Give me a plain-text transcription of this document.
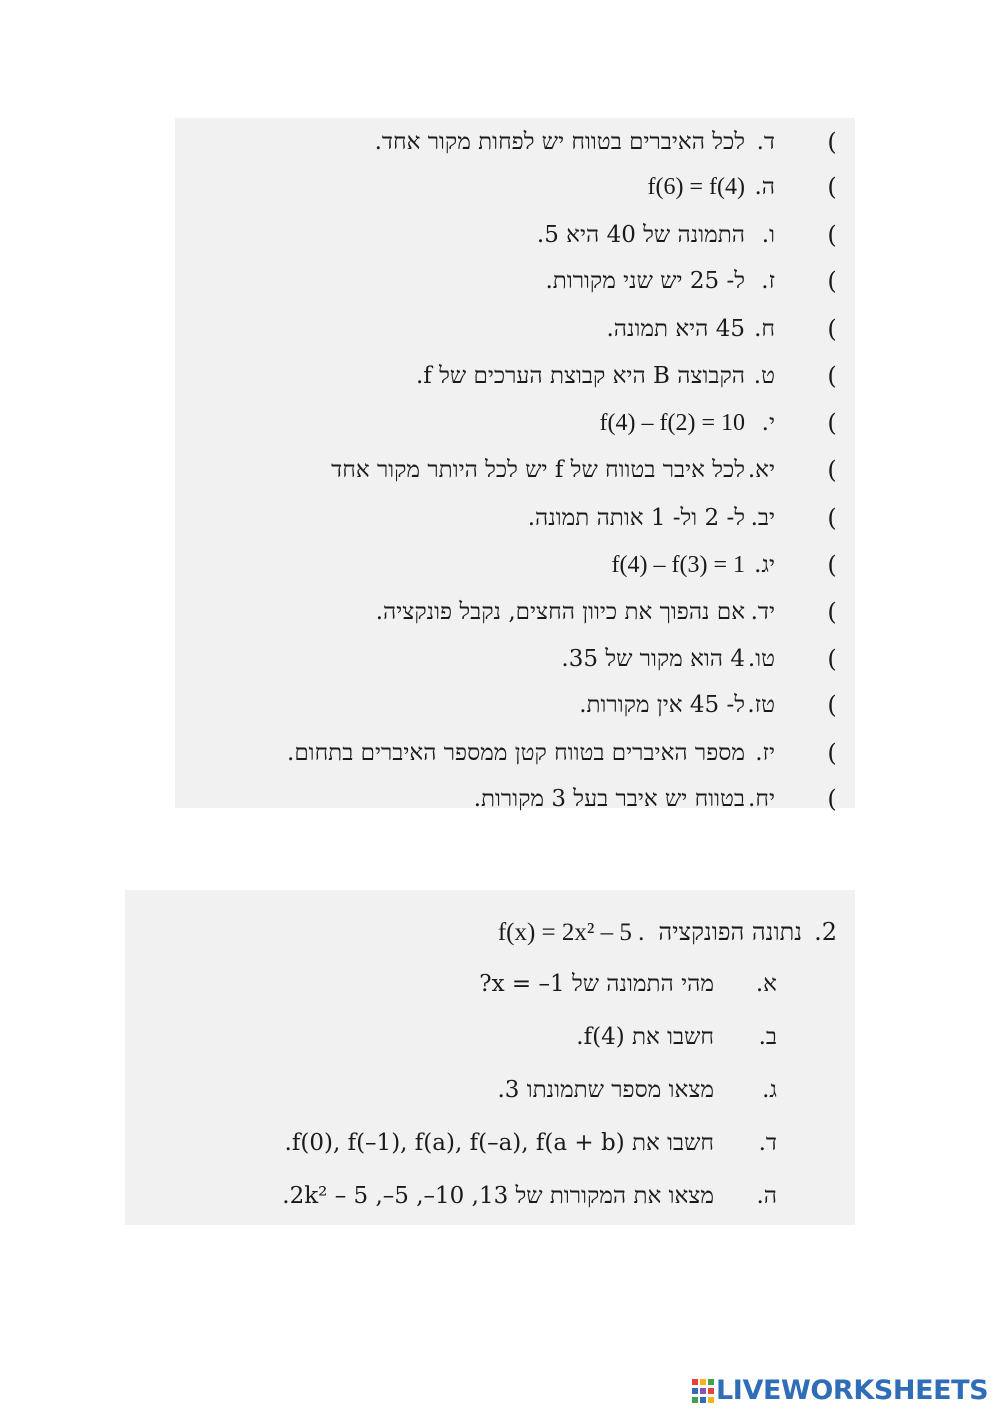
(
ד.
לכל האיברים בטווח יש לפחות מקור אחד.
(
ה.
f(6) = f(4)
(
ו.
התמונה של 40 היא 5.
(
ז.
ל- 25 יש שני מקורות.
(
ח.
45 היא תמונה.
(
ט.
הקבוצה B היא קבוצת הערכים של f.
(
י.
f(4) – f(2) = 10
(
יא.
לכל איבר בטווח של f יש לכל היותר מקור אחד
(
יב.
ל- 2 ול- 1 אותה תמונה.
(
יג.
f(4) – f(3) = 1
(
יד.
אם נהפוך את כיוון החצים, נקבל פונקציה.
(
טו.
4 הוא מקור של 35.
(
טז.
ל- 45 אין מקורות.
(
יז.
מספר האיברים בטווח קטן ממספר האיברים בתחום.
(
יח.
בטווח יש איבר בעל 3 מקורות.
2.נתונה הפונקציה. f(x) = 2x² – 5
א.
מהי התמונה של x = –1?
ב.
חשבו את f(4).
ג.
מצאו מספר שתמונתו 3.
ד.
חשבו את f(0), f(–1), f(a), f(–a), f(a + b).
ה.
מצאו את המקורות של 13, 10–, 5–, 2k² – 5.
LIVEWORKSHEETS
